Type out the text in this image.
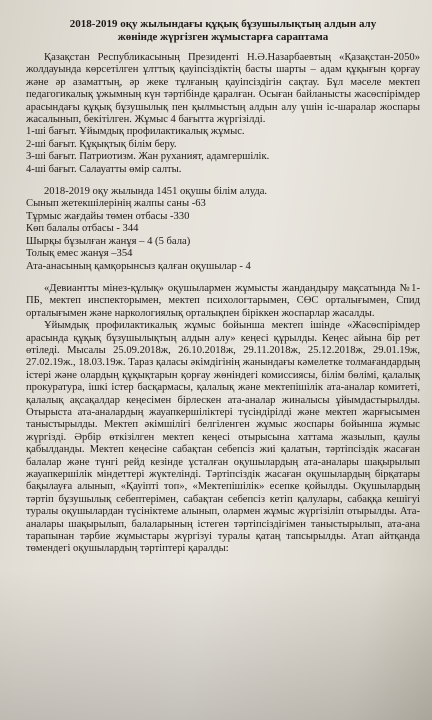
2018-2019 оқу жылындағы құқық бұзушылықтың алдын алу
жөнінде жүргізген жұмыстарға сараптама

Қазақстан Республикасының Президенті Н.Ә.Назарбаевтың «Қазақстан-2050» жолдауында көрсетілген ұлттық қауіпсіздіктің басты шарты – адам құқығын қорғау және әр азаматтың, әр жеке тұлғаның қауіпсіздігін сақтау. Бұл мәселе мектеп педагогикалық ұжымның күн тәртібінде қаралған. Осыған байланысты жасөспірімдер арасындағы құқық бұзушылық пен қылмыстың алдын алу үшін іс-шаралар жоспары жасалынып, бекітілген. Жұмыс 4 бағытта жүргізілді.

1-ші бағыт. Ұйымдық профилактикалық жұмыс.

2-ші бағыт. Құқықтық білім беру.

3-ші бағыт. Патриотизм. Жан руханият, адамгершілік.

4-ші бағыт. Салауатты өмір салты.

2018-2019 оқу жылында 1451 оқушы білім алуда.

Сынып жетекшілерінің жалпы саны -63

Тұрмыс жағдайы төмен отбасы -330

Көп балалы отбасы - 344

Шырқы бұзылған жанұя – 4 (5 бала)

Толық емес жанұя –354

Ата-анасының қамқорынсыз қалған оқушылар - 4

«Девиантты мінез-құлық» оқушылармен жұмысты жандандыру мақсатында №1-ПБ, мектеп инспекторымен, мектеп психологтарымен, СӨС орталығымен, Спид орталығымен және наркологиялық орталықпен біріккен жоспарлар жасалды.

Ұйымдық профилактикалық жұмыс бойынша мектеп ішінде «Жасөспірімдер арасында құқық бұзушылықтың алдын алу» кеңесі құрылды. Кеңес айына бір рет өтіледі. Мысалы 25.09.2018ж, 26.10.2018ж, 29.11.2018ж, 25.12.2018ж, 29.01.19ж, 27.02.19ж., 18.03.19ж. Тараз қаласы әкімдігінің жанындағы кәмелетке толмағандардың істері және олардың құқықтарын қорғау жөніндегі комиссиясы, білім бөлімі, қалалық прокуратура, ішкі істер басқармасы, қалалық және мектепішілік ата-аналар комитеті, қалалық ақсақалдар кеңесімен бірлескен ата-аналар жиналысы ұйымдастырылды. Отырыста ата-аналардың жауапкершіліктері түсіндірілді және мектеп жарғысымен таныстырылды. Мектеп әкімшілігі белгіленген жұмыс жоспары бойынша жұмыс жүргізді. Әрбір өткізілген мектеп кеңесі отырысына хаттама жазылып, қаулы қабылданды. Мектеп кеңесіне сабақтан себепсіз жиі қалатын, тәртіпсіздік жасаған балалар және түнгі рейд кезінде ұсталған оқушылардың ата-аналары шақырылып жауапкершілік міндеттері жүктелінді. Тәртіпсіздік жасаған оқушылардың бірқатары бақылауға алынып, «Қауіпті топ», «Мектепішілік» есепке қойылды. Оқушылардың тәртіп бұзушылық себептерімен, сабақтан себепсіз кетіп қалулары, сабаққа кешігуі туралы оқушылардан түсініктеме алынып, олармен жұмыс жүргізіліп отырылды. Ата-аналары шақырылып, балаларының істеген тәртіпсіздігімен таныстырылып, ата-ана тарапынан тәрбие жұмыстары жүргізуі туралы қатаң тапсырылды. Атап айтқанда төмендегі оқушылардың тәртіптері қаралды:
